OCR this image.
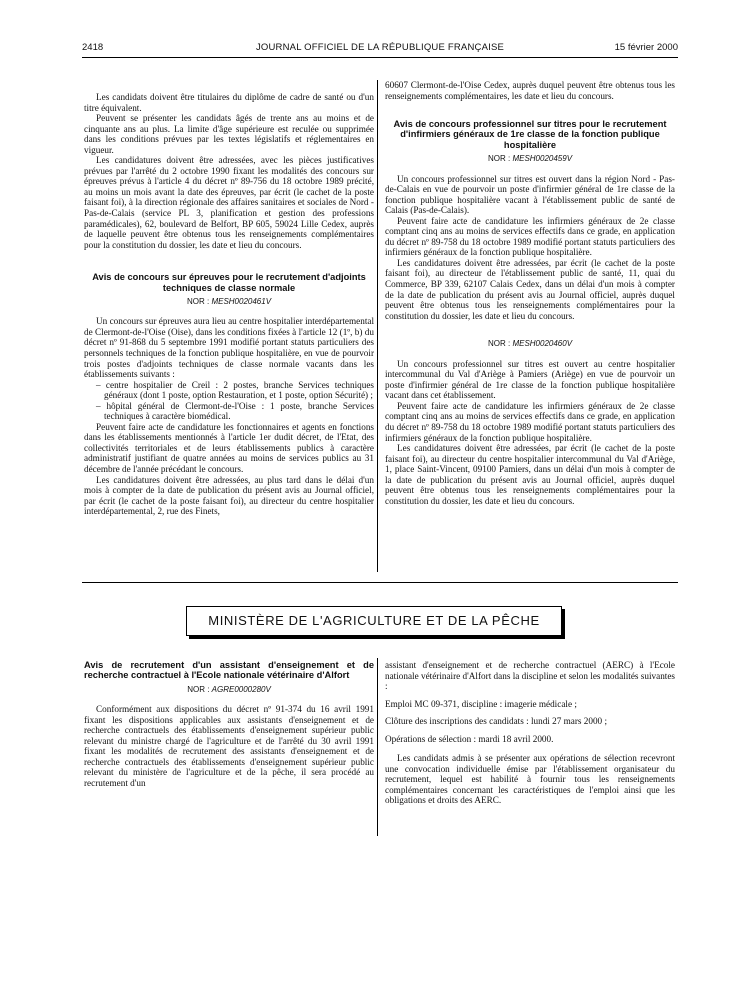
2418	JOURNAL OFFICIEL DE LA RÉPUBLIQUE FRANÇAISE	15 février 2000

Les candidats doivent être titulaires du diplôme de cadre de santé ou d'un titre équivalent.

Peuvent se présenter les candidats âgés de trente ans au moins et de cinquante ans au plus. La limite d'âge supérieure est reculée ou supprimée dans les conditions prévues par les textes législatifs et réglementaires en vigueur.

Les candidatures doivent être adressées, avec les pièces justificatives prévues par l'arrêté du 2 octobre 1990 fixant les modalités des concours sur épreuves prévus à l'article 4 du décret nº 89-756 du 18 octobre 1989 précité, au moins un mois avant la date des épreuves, par écrit (le cachet de la poste faisant foi), à la direction régionale des affaires sanitaires et sociales de Nord - Pas-de-Calais (service PL 3, planification et gestion des professions paramédicales), 62, boulevard de Belfort, BP 605, 59024 Lille Cedex, auprès de laquelle peuvent être obtenus tous les renseignements complémentaires pour la constitution du dossier, les date et lieu du concours.

Avis de concours sur épreuves pour le recrutement d'adjoints techniques de classe normale
NOR : MESH0020461V

Un concours sur épreuves aura lieu au centre hospitalier interdépartemental de Clermont-de-l'Oise (Oise), dans les conditions fixées à l'article 12 (1º, b) du décret nº 91-868 du 5 septembre 1991 modifié portant statuts particuliers des personnels techniques de la fonction publique hospitalière, en vue de pourvoir trois postes d'adjoints techniques de classe normale vacants dans les établissements suivants :

– centre hospitalier de Creil : 2 postes, branche Services techniques généraux (dont 1 poste, option Restauration, et 1 poste, option Sécurité) ;
– hôpital général de Clermont-de-l'Oise : 1 poste, branche Services techniques à caractère biomédical.

Peuvent faire acte de candidature les fonctionnaires et agents en fonctions dans les établissements mentionnés à l'article 1er dudit décret, de l'Etat, des collectivités territoriales et de leurs établissements publics à caractère administratif justifiant de quatre années au moins de services publics au 31 décembre de l'année précédant le concours.

Les candidatures doivent être adressées, au plus tard dans le délai d'un mois à compter de la date de publication du présent avis au Journal officiel, par écrit (le cachet de la poste faisant foi), au directeur du centre hospitalier interdépartemental, 2, rue des Finets,

60607 Clermont-de-l'Oise Cedex, auprès duquel peuvent être obtenus tous les renseignements complémentaires, les date et lieu du concours.

Avis de concours professionnel sur titres pour le recrutement d'infirmiers généraux de 1re classe de la fonction publique hospitalière
NOR : MESH0020459V

Un concours professionnel sur titres est ouvert dans la région Nord - Pas-de-Calais en vue de pourvoir un poste d'infirmier général de 1re classe de la fonction publique hospitalière vacant à l'établissement public de santé de Calais (Pas-de-Calais).

Peuvent faire acte de candidature les infirmiers généraux de 2e classe comptant cinq ans au moins de services effectifs dans ce grade, en application du décret nº 89-758 du 18 octobre 1989 modifié portant statuts particuliers des infirmiers généraux de la fonction publique hospitalière.

Les candidatures doivent être adressées, par écrit (le cachet de la poste faisant foi), au directeur de l'établissement public de santé, 11, quai du Commerce, BP 339, 62107 Calais Cedex, dans un délai d'un mois à compter de la date de publication du présent avis au Journal officiel, auprès duquel peuvent être obtenus tous les renseignements complémentaires pour la constitution du dossier, les date et lieu du concours.

NOR : MESH0020460V

Un concours professionnel sur titres est ouvert au centre hospitalier intercommunal du Val d'Ariège à Pamiers (Ariège) en vue de pourvoir un poste d'infirmier général de 1re classe de la fonction publique hospitalière vacant dans cet établissement.

Peuvent faire acte de candidature les infirmiers généraux de 2e classe comptant cinq ans au moins de services effectifs dans ce grade, en application du décret nº 89-758 du 18 octobre 1989 modifié portant statuts particuliers des infirmiers généraux de la fonction publique hospitalière.

Les candidatures doivent être adressées, par écrit (le cachet de la poste faisant foi), au directeur du centre hospitalier intercommunal du Val d'Ariège, 1, place Saint-Vincent, 09100 Pamiers, dans un délai d'un mois à compter de la date de publication du présent avis au Journal officiel, auprès duquel peuvent être obtenus tous les renseignements complémentaires pour la constitution du dossier, les date et lieu du concours.

MINISTÈRE DE L'AGRICULTURE ET DE LA PÊCHE
Avis de recrutement d'un assistant d'enseignement et de recherche contractuel à l'Ecole nationale vétérinaire d'Alfort
NOR : AGRE0000280V

Conformément aux dispositions du décret nº 91-374 du 16 avril 1991 fixant les dispositions applicables aux assistants d'enseignement et de recherche contractuels des établissements d'enseignement supérieur public relevant du ministre chargé de l'agriculture et de l'arrêté du 30 avril 1991 fixant les modalités de recrutement des assistants d'enseignement et de recherche contractuels des établissements d'enseignement supérieur public relevant du ministère de l'agriculture et de la pêche, il sera procédé au recrutement d'un

assistant d'enseignement et de recherche contractuel (AERC) à l'Ecole nationale vétérinaire d'Alfort dans la discipline et selon les modalités suivantes :

Emploi MC 09-371, discipline : imagerie médicale ;

Clôture des inscriptions des candidats : lundi 27 mars 2000 ;

Opérations de sélection : mardi 18 avril 2000.

Les candidats admis à se présenter aux opérations de sélection recevront une convocation individuelle émise par l'établissement organisateur du recrutement, lequel est habilité à fournir tous les renseignements complémentaires concernant les caractéristiques de l'emploi ainsi que les obligations et droits des AERC.
